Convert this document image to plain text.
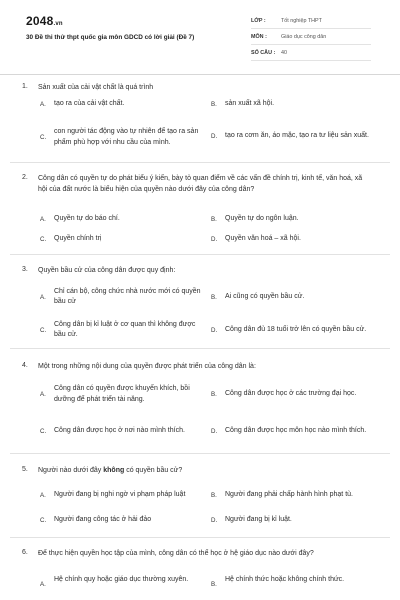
2048.vn
30 Đề thi thử thpt quốc gia môn GDCD có lời giải (Đề 7)
LỚP :	Tốt nghiệp THPT
MÔN :	Giáo dục công dân
SỐ CÂU :	40
1. Sản xuất của cải vật chất là quá trình
A.	tạo ra của cải vật chất.	B.	sản xuất xã hội.
C.
con người tác động vào tự nhiên để tạo ra sản phẩm phù hợp với nhu cầu của mình.
D.	tạo ra cơm ăn, áo mặc, tạo ra tư liệu sản xuất.
2. Công dân có quyền tự do phát biểu ý kiến, bày tỏ quan điểm về các vấn đề chính trị, kinh tế, văn hoá, xã hội của đất nước là biểu hiện của quyền nào dưới đây của công dân?
A.	Quyền tự do báo chí.	B.	Quyền tự do ngôn luận.
C.	Quyền chính trị	D.	Quyền văn hoá – xã hội.
3. Quyền bầu cử của công dân được quy định:
A.
Chỉ cán bộ, công chức nhà nước mới có quyền bầu cử
B.	Ai cũng có quyền bầu cử.
C.
Công dân bị kỉ luật ở cơ quan thì không được bầu cử.
D.	Công dân đủ 18 tuổi trở lên có quyền bầu cử.
4. Một trong những nội dung của quyền được phát triển của công dân là:
A.
Công dân có quyền được khuyến khích, bồi dưỡng để phát triển tài năng.
B.	Công dân được học ở các trường đại học.
C.	Công dân được học ở nơi nào mình thích.	D.	Công dân được học môn học nào mình thích.
5. Người nào dưới đây không có quyền bầu cử?
A.	Người đang bị nghi ngờ vi phạm pháp luật	B.	Người đang phải chấp hành hình phạt tù.
C.	Người đang công tác ở hải đảo	D.	Người đang bị kỉ luật.
6. Để thực hiện quyền học tập của mình, công dân có thể học ở hệ giáo dục nào dưới đây?
A.
Hệ chính quy hoặc giáo dục thường xuyên.
B.
Hệ chính thức hoặc không chính thức.
